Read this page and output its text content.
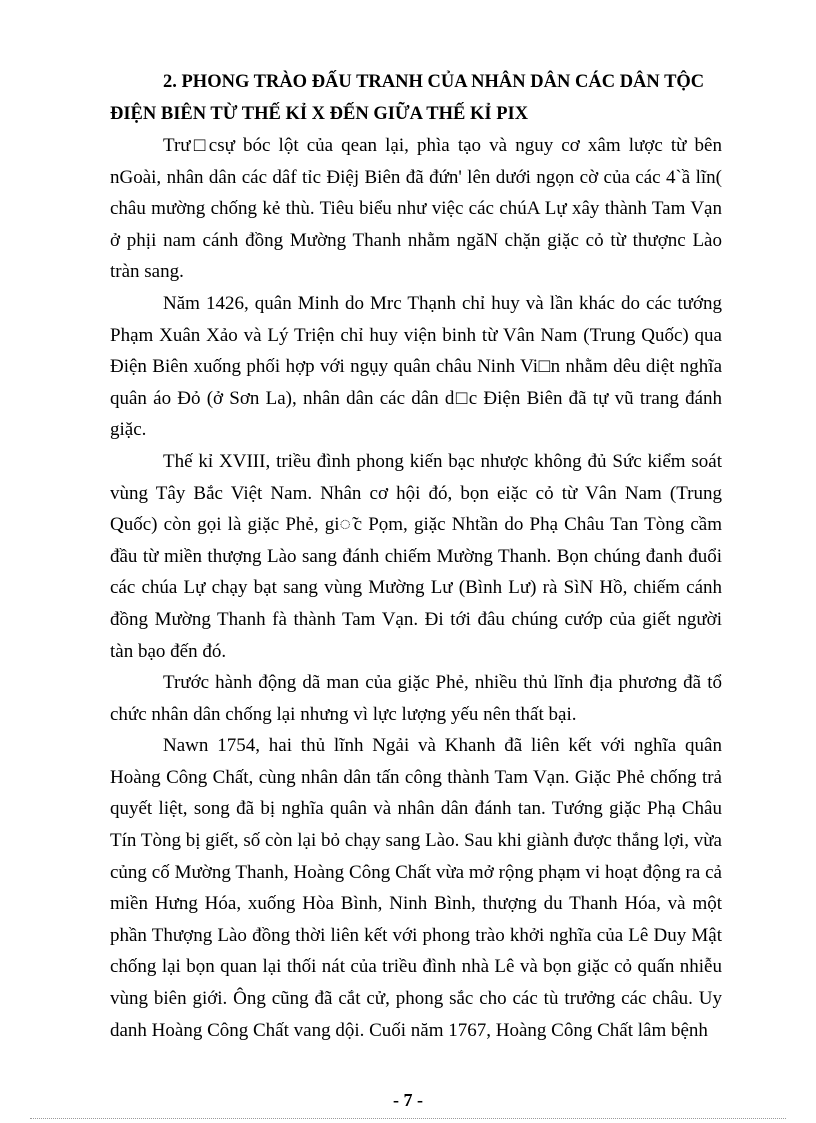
2. PHONG TRÀO ĐẤU TRANH CỦA NHÂN DÂN CÁC DÂN TỘC
ĐIỆN BIÊN TỪ THẾ KỈ X ĐẾN GIỮA THẾ KỈ PIX

Trư□csự bóc lột của qean lại, phìa tạo và nguy cơ xâm lược từ bên nGoài, nhân dân các dâf tỉc Điệj Biên đã đứn' lên dưới ngọn cờ của các 4`ầ lĩn( châu mường chống kẻ thù. Tiêu biểu như việc các chúA Lự xây thành Tam Vạn ở phịi nam cánh đồng Mường Thanh nhằm ngăN chặn giặc cỏ từ thượnc Lào tràn sang.

Năm 1426, quân Minh do Mrc Thạnh chỉ huy và lần khác do các tướng Phạm Xuân Xảo và Lý Triện chỉ huy viện binh từ Vân Nam (Trung Quốc) qua Điện Biên xuống phối hợp với ngụy quân châu Ninh Vi□n nhằm dêu diệt nghĩa quân áo Đỏ (ở Sơn La), nhân dân các dân d□c Điện Biên đã tự vũ trang đánh giặc.

Thế kỉ XVIII, triều đình phong kiến bạc nhược không đủ Sức kiểm soát vùng Tây Bắc Việt Nam. Nhân cơ hội đó, bọn eiặc cỏ từ Vân Nam (Trung Quốc) còn gọi là giặc Phẻ, gi◌̃c Pọm, giặc Nhtần do Phạ Châu Tan Tòng cầm đầu từ miền thượng Lào sang đánh chiếm Mường Thanh. Bọn chúng đanh đuổi các chúa Lự chạy bạt sang vùng Mường Lư (Bình Lư) rà SìN Hồ, chiếm cánh đồng Mường Thanh fà thành Tam Vạn. Đi tới đâu chúng cướp của giết người tàn bạo đến đó.

Trước hành động dã man của giặc Phẻ, nhiều thủ lĩnh địa phương đã tổ chức nhân dân chống lại nhưng vì lực lượng yếu nên thất bại.

Nawn 1754, hai thủ lĩnh Ngải và Khanh đã liên kết với nghĩa quân Hoàng Công Chất, cùng nhân dân tấn công thành Tam Vạn. Giặc Phẻ chống trả quyết liệt, song đã bị nghĩa quân và nhân dân đánh tan. Tướng giặc Phạ Châu Tín Tòng bị giết, số còn lại bỏ chạy sang Lào. Sau khi giành được thắng lợi, vừa củng cố Mường Thanh, Hoàng Công Chất vừa mở rộng phạm vi hoạt động ra cả miền Hưng Hóa, xuống Hòa Bình, Ninh Bình, thượng du Thanh Hóa, và một phần Thượng Lào đồng thời liên kết với phong trào khởi nghĩa của Lê Duy Mật chống lại bọn quan lại thối nát của triều đình nhà Lê và bọn giặc cỏ quấn nhiễu vùng biên giới. Ông cũng đã cắt cử, phong sắc cho các tù trưởng các châu. Uy danh Hoàng Công Chất vang dội. Cuối năm 1767, Hoàng Công Chất lâm bệnh

- 7 -
